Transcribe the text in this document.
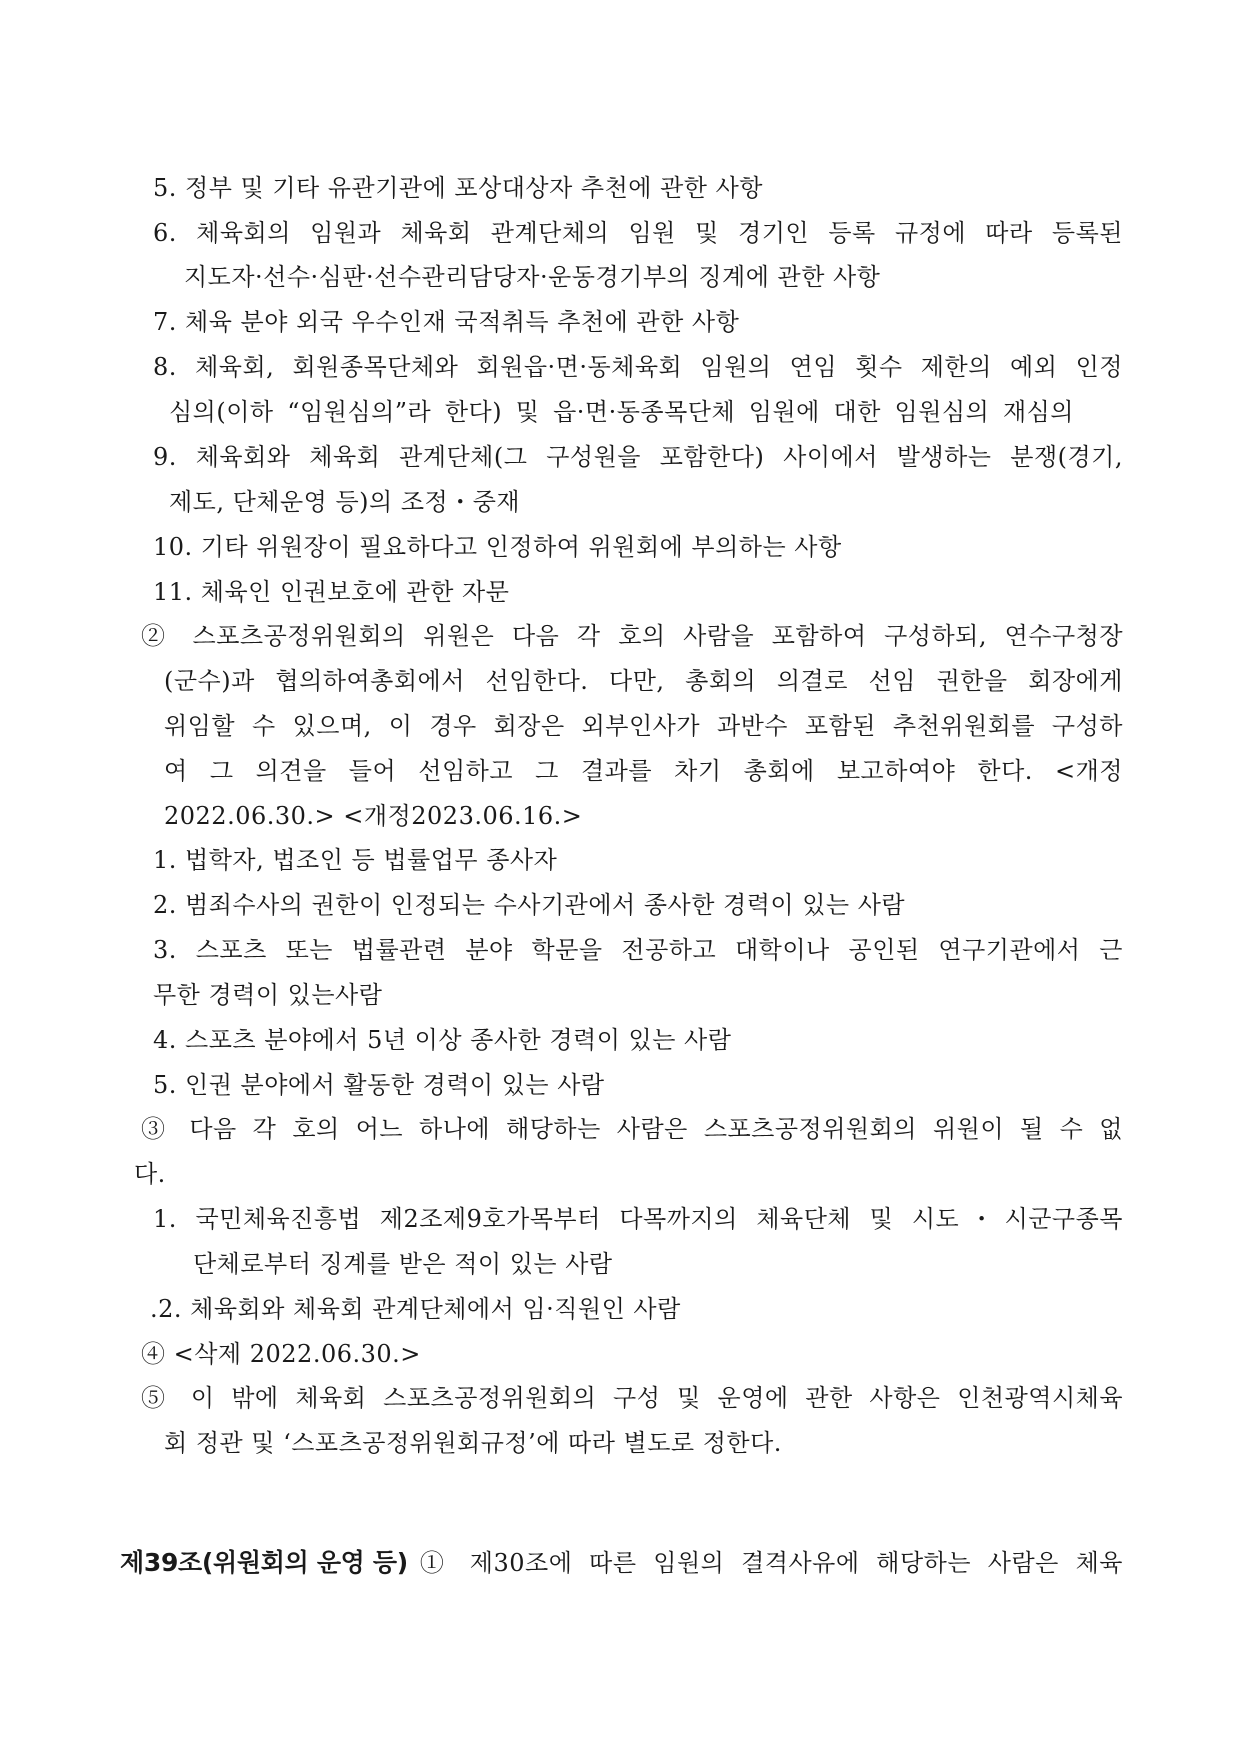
5. 정부 및 기타 유관기관에 포상대상자 추천에 관한 사항
6. 체육회의 임원과 체육회 관계단체의 임원 및 경기인 등록 규정에 따라 등록된
지도자·선수·심판·선수관리담당자·운동경기부의 징계에 관한 사항
7. 체육 분야 외국 우수인재 국적취득 추천에 관한 사항
8. 체육회, 회원종목단체와 회원읍·면·동체육회 임원의 연임 횟수 제한의 예외 인정
심의(이하 “임원심의”라 한다) 및 읍·면·동종목단체 임원에 대한 임원심의 재심의
9. 체육회와 체육회 관계단체(그 구성원을 포함한다) 사이에서 발생하는 분쟁(경기,
제도, 단체운영 등)의 조정・중재
10. 기타 위원장이 필요하다고 인정하여 위원회에 부의하는 사항
11. 체육인 인권보호에 관한 자문
② 스포츠공정위원회의 위원은 다음 각 호의 사람을 포함하여 구성하되, 연수구청장
(군수)과 협의하여총회에서 선임한다. 다만, 총회의 의결로 선임 권한을 회장에게
위임할 수 있으며, 이 경우 회장은 외부인사가 과반수 포함된 추천위원회를 구성하
여 그 의견을 들어 선임하고 그 결과를 차기 총회에 보고하여야 한다. <개정
2022.06.30.> <개정2023.06.16.>
1. 법학자, 법조인 등 법률업무 종사자
2. 범죄수사의 권한이 인정되는 수사기관에서 종사한 경력이 있는 사람
3. 스포츠 또는 법률관련 분야 학문을 전공하고 대학이나 공인된 연구기관에서 근
무한 경력이 있는사람
4. 스포츠 분야에서 5년 이상 종사한 경력이 있는 사람
5. 인권 분야에서 활동한 경력이 있는 사람
③ 다음 각 호의 어느 하나에 해당하는 사람은 스포츠공정위원회의 위원이 될 수 없
다.
1. 국민체육진흥법 제2조제9호가목부터 다목까지의 체육단체 및 시도・시군구종목
단체로부터 징계를 받은 적이 있는 사람
.2. 체육회와 체육회 관계단체에서 임·직원인 사람
④ <삭제 2022.06.30.>
⑤ 이 밖에 체육회 스포츠공정위원회의 구성 및 운영에 관한 사항은 인천광역시체육
회 정관 및 ‘스포츠공정위원회규정’에 따라 별도로 정한다.
제39조(위원회의 운영 등) ① 제30조에 따른 임원의 결격사유에 해당하는 사람은 체육
